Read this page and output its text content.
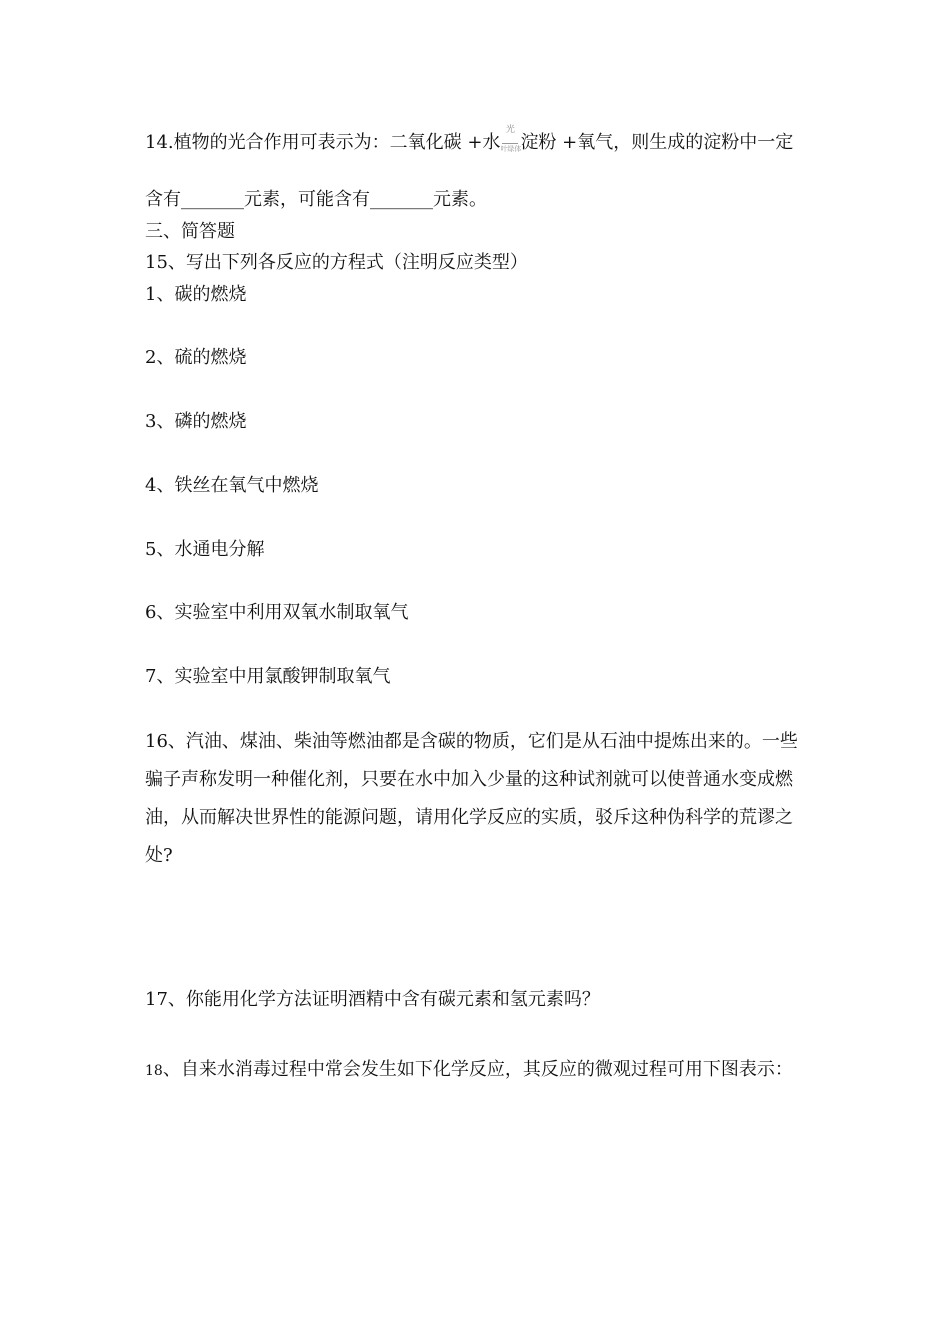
14.植物的光合作用可表示为：二氧化碳 +水
光
叶绿体 淀粉 +氧气，则生成的淀粉中一定
含有_______元素，可能含有_______元素。
三、简答题
15、写出下列各反应的方程式（注明反应类型）
1、碳的燃烧
2、硫的燃烧
3、磷的燃烧
4、铁丝在氧气中燃烧
5、水通电分解
6、实验室中利用双氧水制取氧气
7、实验室中用氯酸钾制取氧气
16、汽油、煤油、柴油等燃油都是含碳的物质，它们是从石油中提炼出来的。一些骗子声称发明一种催化剂，只要在水中加入少量的这种试剂就可以使普通水变成燃油，从而解决世界性的能源问题，请用化学反应的实质，驳斥这种伪科学的荒谬之处?
17、你能用化学方法证明酒精中含有碳元素和氢元素吗？
18、自来水消毒过程中常会发生如下化学反应，其反应的微观过程可用下图表示：
